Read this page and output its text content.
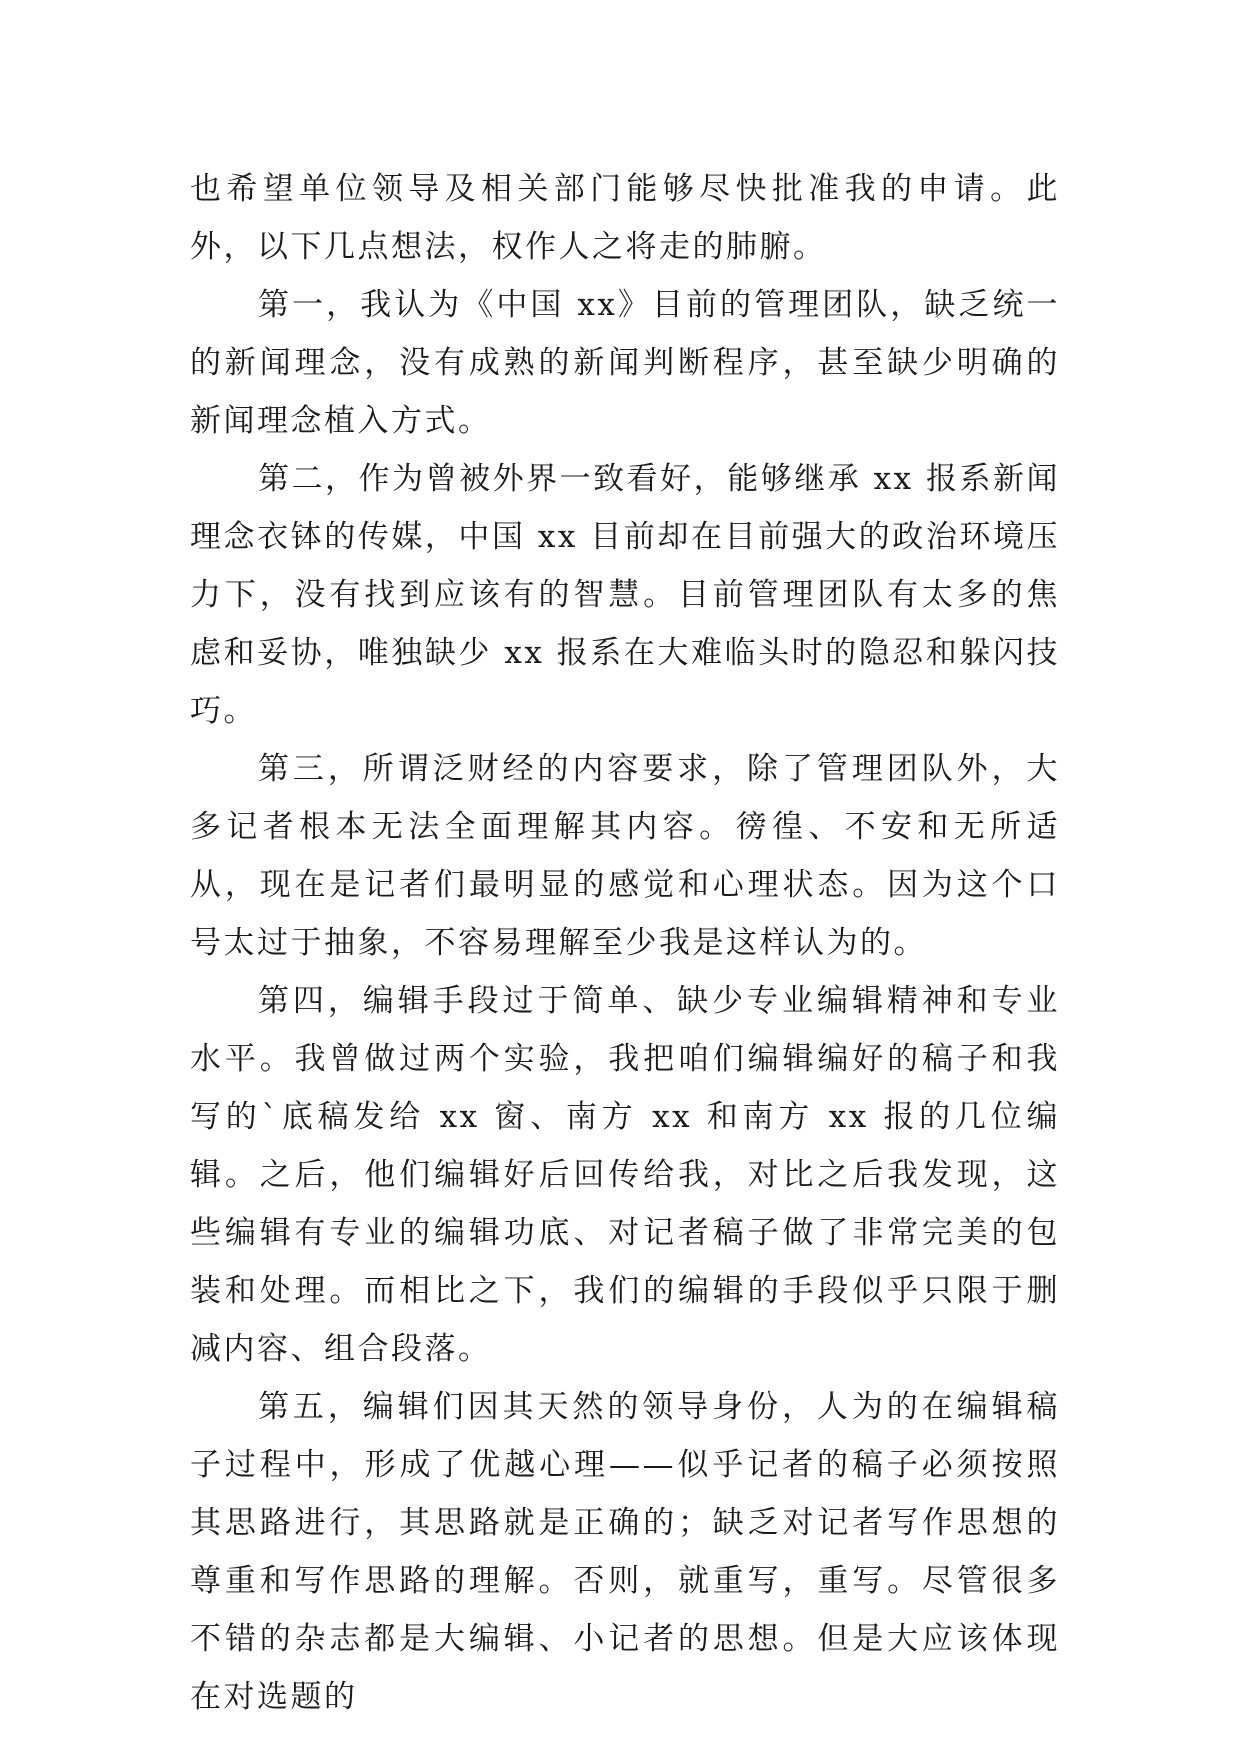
也希望单位领导及相关部门能够尽快批准我的申请。此外，以下几点想法，权作人之将走的肺腑。

第一，我认为《中国 xx》目前的管理团队，缺乏统一的新闻理念，没有成熟的新闻判断程序，甚至缺少明确的新闻理念植入方式。

第二，作为曾被外界一致看好，能够继承 xx 报系新闻理念衣钵的传媒，中国 xx 目前却在目前强大的政治环境压力下，没有找到应该有的智慧。目前管理团队有太多的焦虑和妥协，唯独缺少 xx 报系在大难临头时的隐忍和躲闪技巧。

第三，所谓泛财经的内容要求，除了管理团队外，大多记者根本无法全面理解其内容。徬徨、不安和无所适从，现在是记者们最明显的感觉和心理状态。因为这个口号太过于抽象，不容易理解至少我是这样认为的。

第四，编辑手段过于简单、缺少专业编辑精神和专业水平。我曾做过两个实验，我把咱们编辑编好的稿子和我写的`底稿发给 xx 窗、南方 xx 和南方 xx 报的几位编辑。之后，他们编辑好后回传给我，对比之后我发现，这些编辑有专业的编辑功底、对记者稿子做了非常完美的包装和处理。而相比之下，我们的编辑的手段似乎只限于删减内容、组合段落。

第五，编辑们因其天然的领导身份，人为的在编辑稿子过程中，形成了优越心理——似乎记者的稿子必须按照其思路进行，其思路就是正确的；缺乏对记者写作思想的尊重和写作思路的理解。否则，就重写，重写。尽管很多不错的杂志都是大编辑、小记者的思想。但是大应该体现在对选题的
